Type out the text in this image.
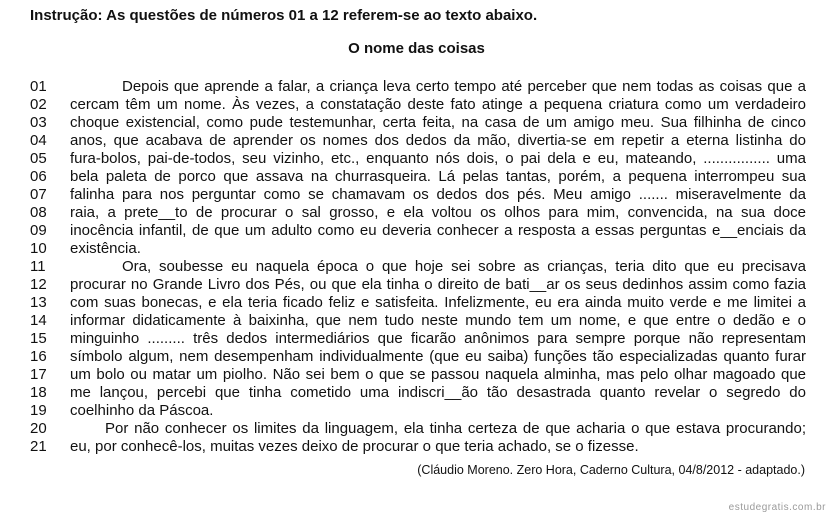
Instrução: As questões de números 01 a 12 referem-se ao texto abaixo.
O nome das coisas
01	Depois que aprende a falar, a criança leva certo tempo até perceber que nem todas as coisas que a
02	cercam têm um nome. Às vezes, a constatação deste fato atinge a pequena criatura como um verdadeiro
03	choque existencial, como pude testemunhar, certa feita, na casa de um amigo meu. Sua filhinha de cinco
04	anos, que acabava de aprender os nomes dos dedos da mão, divertia-se em repetir a eterna listinha do
05	fura-bolos, pai-de-todos, seu vizinho, etc., enquanto nós dois, o pai dela e eu, mateando, ................ uma
06	bela paleta de porco que assava na churrasqueira. Lá pelas tantas, porém, a pequena interrompeu sua
07	falinha para nos perguntar como se chamavam os dedos dos pés. Meu amigo ....... miseravelmente da
08	raia, a prete__to de procurar o sal grosso, e ela voltou os olhos para mim, convencida, na sua doce
09	inocência infantil, de que um adulto como eu deveria conhecer a resposta a essas perguntas e__enciais da
10	existência.
11	Ora, soubesse eu naquela época o que hoje sei sobre as crianças, teria dito que eu precisava
12	procurar no Grande Livro dos Pés, ou que ela tinha o direito de bati__ar os seus dedinhos assim como fazia
13	com suas bonecas, e ela teria ficado feliz e satisfeita. Infelizmente, eu era ainda muito verde e me limitei a
14	informar didaticamente à baixinha, que nem tudo neste mundo tem um nome, e que entre o dedão e o
15	minguinho ......... três dedos intermediários que ficarão anônimos para sempre porque não representam
16	símbolo algum, nem desempenham individualmente (que eu saiba) funções tão especializadas quanto furar
17	um bolo ou matar um piolho. Não sei bem o que se passou naquela alminha, mas pelo olhar magoado que
18	me lançou, percebi que tinha cometido uma indiscri__ão tão desastrada quanto revelar o segredo do
19	coelhinho da Páscoa.
20	Por não conhecer os limites da linguagem, ela tinha certeza de que acharia o que estava procurando;
21	eu, por conhecê-los, muitas vezes deixo de procurar o que teria achado, se o fizesse.
(Cláudio Moreno. Zero Hora, Caderno Cultura, 04/8/2012 - adaptado.)
estudegratis.com.br
